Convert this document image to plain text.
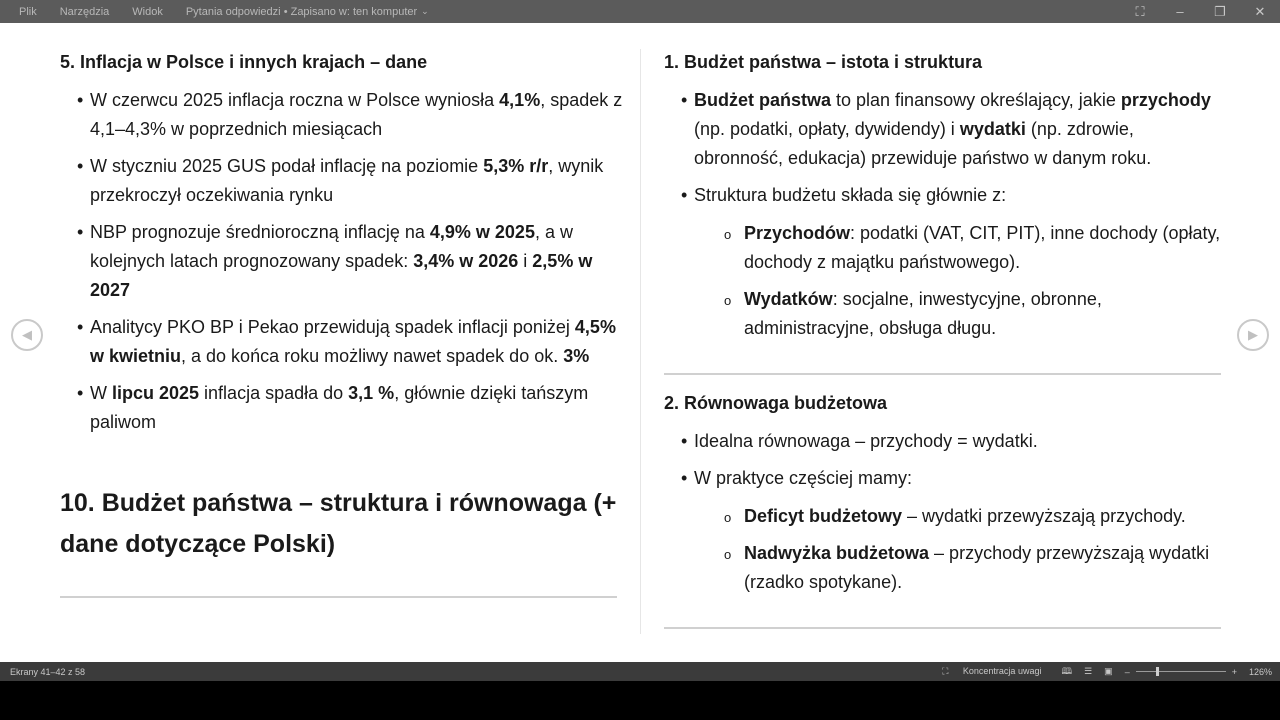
Plik Narzędzia Widok Pytania odpowiedzi
• Zapisano w: ten komputer ⌄	⛶	–	❐	✕
5. Inflacja w Polsce i innych krajach – dane
• W czerwcu 2025 inflacja roczna w Polsce wyniosła 4,1%, spadek z 4,1–4,3% w poprzednich miesiącach
• W styczniu 2025 GUS podał inflację na poziomie 5,3% r/r, wynik przekroczył oczekiwania rynku
• NBP prognozuje średnioroczną inflację na 4,9% w 2025, a w kolejnych latach prognozowany spadek: 3,4% w 2026 i 2,5% w 2027
• Analitycy PKO BP i Pekao przewidują spadek inflacji poniżej 4,5% w kwietniu, a do końca roku możliwy nawet spadek do ok. 3%
• W lipcu 2025 inflacja spadła do 3,1 %, głównie dzięki tańszym paliwom
10. Budżet państwa – struktura i równowaga (+ dane dotyczące Polski)
1. Budżet państwa – istota i struktura
• Budżet państwa to plan finansowy określający, jakie przychody (np. podatki, opłaty, dywidendy) i wydatki (np. zdrowie, obronność, edukacja) przewiduje państwo w danym roku.
• Struktura budżetu składa się głównie z:
o Przychodów: podatki (VAT, CIT, PIT), inne dochody (opłaty, dochody z majątku państwowego).
o Wydatków: socjalne, inwestycyjne, obronne, administracyjne, obsługa długu.
2. Równowaga budżetowa
• Idealna równowaga – przychody = wydatki.
• W praktyce częściej mamy:
o Deficyt budżetowy – wydatki przewyższają przychody.
o Nadwyżka budżetowa – przychody przewyższają wydatki (rzadko spotykane).
◀	▶
Ekrany 41–42 z 58	⛶ Koncentracja uwagi 🕮 ☰ ▣ –	+ 126%
